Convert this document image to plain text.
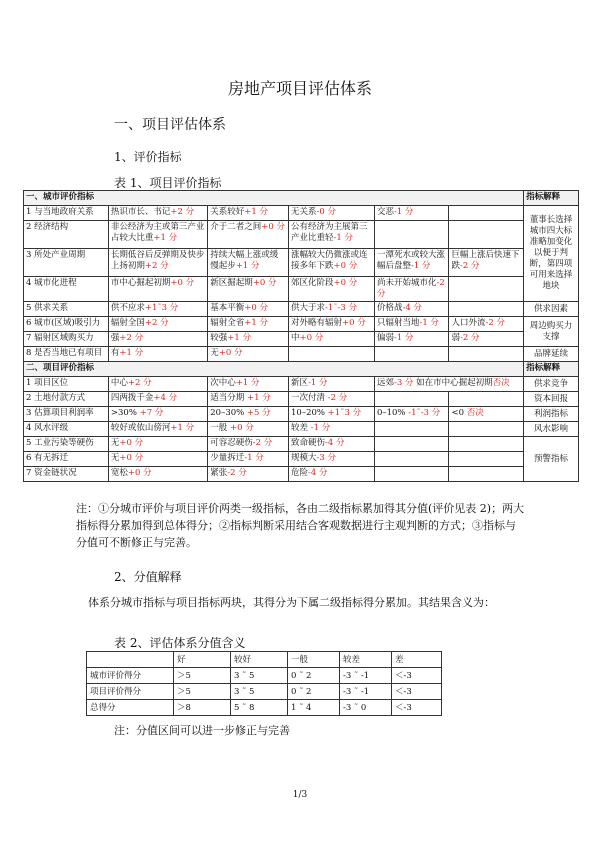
房地产项目评估体系
一、项目评估体系
1、评价指标
表 1、项目评价指标
一、城市评价指标						指标解释
1 与当地政府关系	热识市长、书记+2 分	关系较好+1 分	无关系-0 分	交恶-1 分		董事长选择城市四大标准略加变化以便于判断，第四项可用来选择地块
2 经济结构	非公经济为主或第三产业占较大比重+1 分	介于二者之间+0 分	公有经济为主展第三产业比重轻-1 分			
3 所处产业周期	长期低谷后反弹期及快步上扬初期+2 分	持续大幅上涨或缓慢起步+1 分	涨幅较大仍微涨或连接多年下跌+0 分	一潭死水或较大涨幅后盘整-1 分	巨幅上涨后快速下跌-2 分	
4 城市化进程	市中心掘起初期+0 分	新区掘起期+0 分	郊区化阶段+0 分	尚未开始城市化-2 分		
5 供求关系	供不应求+1˜3 分	基本平衡+0 分	供大于求-1˜-3 分	价格战-4 分		供求因素
6 城市(区域)吸引力	辐射全国+2 分	辐射全省+1 分	对外略有辐射+0 分	只辐射当地-1 分	人口外流-2 分	周边购买力支撑
7 辐射区域购买力	强+2 分	较强+1 分	中+0 分	偏弱-1 分	弱-2 分	
8 是否当地已有项目	有+1 分	无+0 分				品牌延续
二、项目评价指标						指标解释
1 项目区位	中心+2 分	次中心+1 分	新区-1 分	远郊-3 分 如在市中心掘起初期否决		供求竞争
2 土地付款方式	四两拨千金+4 分	适当分期 +1 分	一次付清 -2 分			资本回报
3 估算项目利润率	>30% +7 分	20–30% +5 分	10–20% +1˜3 分	0–10% -1˜-3 分	<0 否决	利润指标
4 风水评级	较好或依山傍河+1 分	一般 +0 分	较差 -1 分			风水影响
5 工业污染等硬伤	无+0 分	可容忍硬伤-2 分	致命硬伤-4 分			预警指标
6 有无拆迁	无+0 分	少量拆迁-1 分	规模大-3 分			
7 资金链状况	宽松+0 分	紧张-2 分	危险-4 分			
注：①分城市评价与项目评价两类一级指标，各由二级指标累加得其分值(评价见表 2)；两大指标得分累加得到总体得分；②指标判断采用结合客观数据进行主观判断的方式；③指标与分值可不断修正与完善。
2、分值解释
体系分城市指标与项目指标两块，其得分为下属二级指标得分累加。其结果含义为：
表 2、评估体系分值含义
	好	较好	一般	较差	差
城市评价得分	＞5	3 ˜ 5	0 ˜ 2	-3 ˜ -1	＜-3
项目评价得分	＞5	3 ˜ 5	0 ˜ 2	-3 ˜ -1	＜-3
总得分	＞8	5 ˜ 8	1 ˜ 4	-3 ˜ 0	＜-3
注：分值区间可以进一步修正与完善
1/3
